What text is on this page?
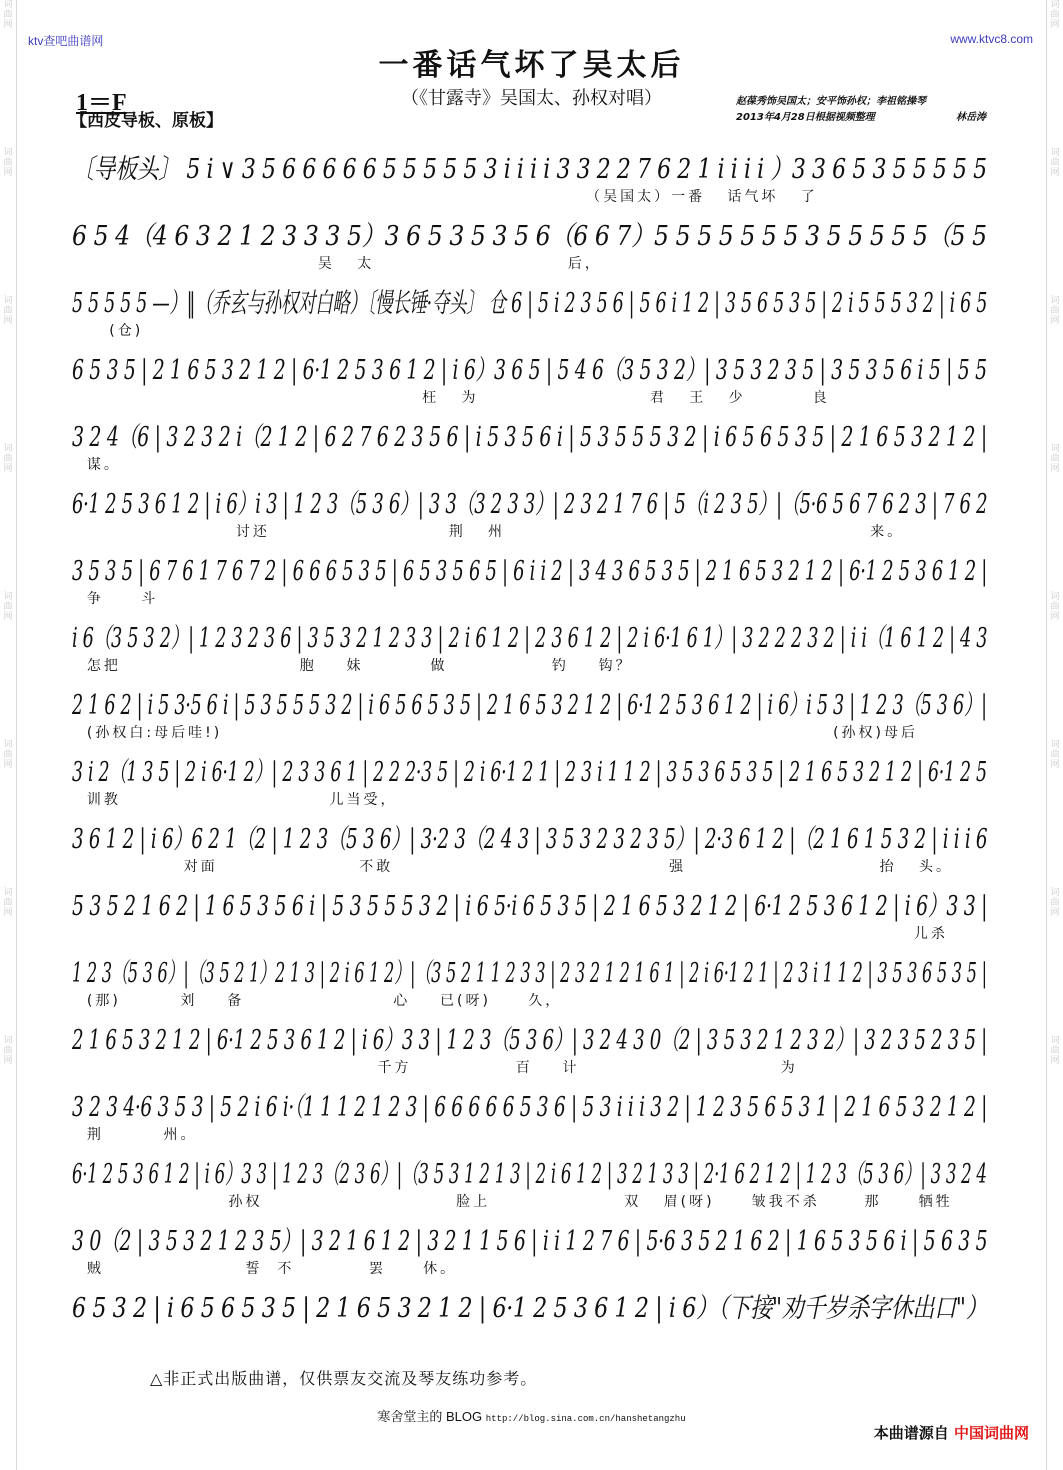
词
曲
网
词
曲
网
词
曲
网
词
曲
网
词
曲
网
词
曲
网
词
曲
网
词
曲
网
词
曲
网
词
曲
网
词
曲
网
词
曲
网
词
曲
网
词
曲
网
词
曲
网
词
曲
网
ktv查吧曲谱网	www.ktvc8.com
一番话气坏了吴太后
（《甘露寺》吴国太、孙权对唱）
1＝F
【西皮导板、原板】
赵葆秀饰吴国太；安平饰孙权；李祖铭操琴
2013年4月28日根据视频整理	林岳涛
〔导板头〕 5 i ∨ 3 5 6 6 6 6 6 5 5 5 5 5 3 i i i i 3 3 2 2 7 6 2 1 i i i i ）3 3 6 5 3 5 5 5 5 5
（吴国太）一番   话气坏   了
6 5 4（4 6 3 2 1 2 3 3 3 5）3 6 5 3 5 3 5 6（6 6 7）5 5 5 5 5 5 5 3 5 5 5 5 5（5 5
吴   太                          后，
5 5 5 5 5 —）‖（乔玄与孙权对白略）〔慢长锤·夺头〕 仓 6 | 5 i 2 3 5 6 | 5 6 i 1 2 | 3 5 6 5 3 5 | 2 i 5 5 5 3 2 | i 6 5
(仓)
6 5 3 5 | 2 1 6 5 3 2 1 2 | 6·1 2 5 3 6 1 2 | i 6）3 6 5 | 5 4 6（3 5 3 2）| 3 5 3 2 3 5 | 3 5 3 5 6 i 5 | 5 5
枉   为                       君   王   少         良
3 2 4（6 | 3 2 3 2 i（2 1 2 | 6 2 7 6 2 3 5 6 | i 5 3 5 6 i | 5 3 5 5 5 3 2 | i 6 5 6 5 3 5 | 2 1 6 5 3 2 1 2 |
谋。
6·1 2 5 3 6 1 2 | i 6）i 3 | 1 2 3（5 3 6）| 3 3（3 2 3 3）| 2 3 2 1 7 6 | 5（i 2 3 5）|（5·6 5 6 7 6 2 3 | 7 6 2
讨还                        荆   州                                                 来。
3 5 3 5 | 6 7 6 1 7 6 7 2 | 6 6 6 5 3 5 | 6 5 3 5 6 5 | 6 i i 2 | 3 4 3 6 5 3 5 | 2 1 6 5 3 2 1 2 | 6·1 2 5 3 6 1 2 |
争     斗
i 6（3 5 3 2）| 1 2 3 2 3 6 | 3 5 3 2 1 2 3 3 | 2 i 6 1 2 | 2 3 6 1 2 | 2 i 6·1 6 1）| 3 2 2 2 3 2 | i i（1 6 1 2 | 4 3
怎把                        胞    妹         做              钓    钩？
2 1 6 2 | i 5 3·5 6 i | 5 3 5 5 5 3 2 | i 6 5 6 5 3 5 | 2 1 6 5 3 2 1 2 | 6·1 2 5 3 6 1 2 | i 6）i 5 3 | 1 2 3（5 3 6）|
(孙权白:母后哇!)                                                                                  (孙权)母后
3 i 2（1 3 5 | 2 i 6·1 2）| 2 3 3 6 1 | 2 2 2·3 5 | 2 i 6·1 2 1 | 2 3 i 1 1 2 | 3 5 3 6 5 3 5 | 2 1 6 5 3 2 1 2 | 6·1 2 5
训教                            儿当受，
3 6 1 2 | i 6）6 2 1（2 | 1 2 3（5 3 6）| 3·2 3（2 4 3 | 3 5 3 2 3 2 3 5）| 2·3 6 1 2 |（2 1 6 1 5 3 2 | i i i 6
对面                   不敢                                     强                          抬   头。
5 3 5 2 1 6 2 | 1 6 5 3 5 6 i | 5 3 5 5 5 3 2 | i 6 5·i 6 5 3 5 | 2 1 6 5 3 2 1 2 | 6·1 2 5 3 6 1 2 | i 6）3 3 |
儿杀
1 2 3（5 3 6）|（3 5 2 1）2 1 3 | 2 i 6 1 2）|（3 5 2 1 1 2 3 3 | 2 3 2 1 2 1 6 1 | 2 i 6·1 2 1 | 2 3 i 1 1 2 | 3 5 3 6 5 3 5 |
(那)        刘    备                    心    已(呀)     久，
2 1 6 5 3 2 1 2 | 6·1 2 5 3 6 1 2 | i 6）3 3 | 1 2 3（5 3 6）| 3 2 4 3 0（2 | 3 5 3 2 1 2 3 2）| 3 2 3 5 2 3 5 |
千方              百    计                           为
3 2 3 4·6 3 5 3 | 5 2 i 6 i·（1 1 1 2 1 2 3 | 6 6 6 6 6 5 3 6 | 5 3 i i i 3 2 | 1 2 3 5 6 5 3 1 | 2 1 6 5 3 2 1 2 |
荆        州。
6·1 2 5 3 6 1 2 | i 6）3 3 | 1 2 3（2 3 6）|（3 5 3 1 2 1 3 | 2 i 6 1 2 | 3 2 1 3 3 | 2·1 6 2 1 2 | 1 2 3（5 3 6）| 3 3 2 4
孙权                          脸上                  双   眉(呀)     皱我不杀      那     牺牲
3 0（2 | 3 5 3 2 1 2 3 5）| 3 2 1 6 1 2 | 3 2 1 1 5 6 | i i 1 2 7 6 | 5·6 3 5 2 1 6 2 | 1 6 5 3 5 6 i | 5 6 3 5
贼                   誓  不          罢     休。
6 5 3 2 | i 6 5 6 5 3 5 | 2 1 6 5 3 2 1 2 | 6·1 2 5 3 6 1 2 | i 6）（下接"劝千岁杀字休出口"）
△非正式出版曲谱，仅供票友交流及琴友练功参考。
寒舍堂主的 BLOG http://blog.sina.com.cn/hanshetangzhu
本曲谱源自 中国词曲网
